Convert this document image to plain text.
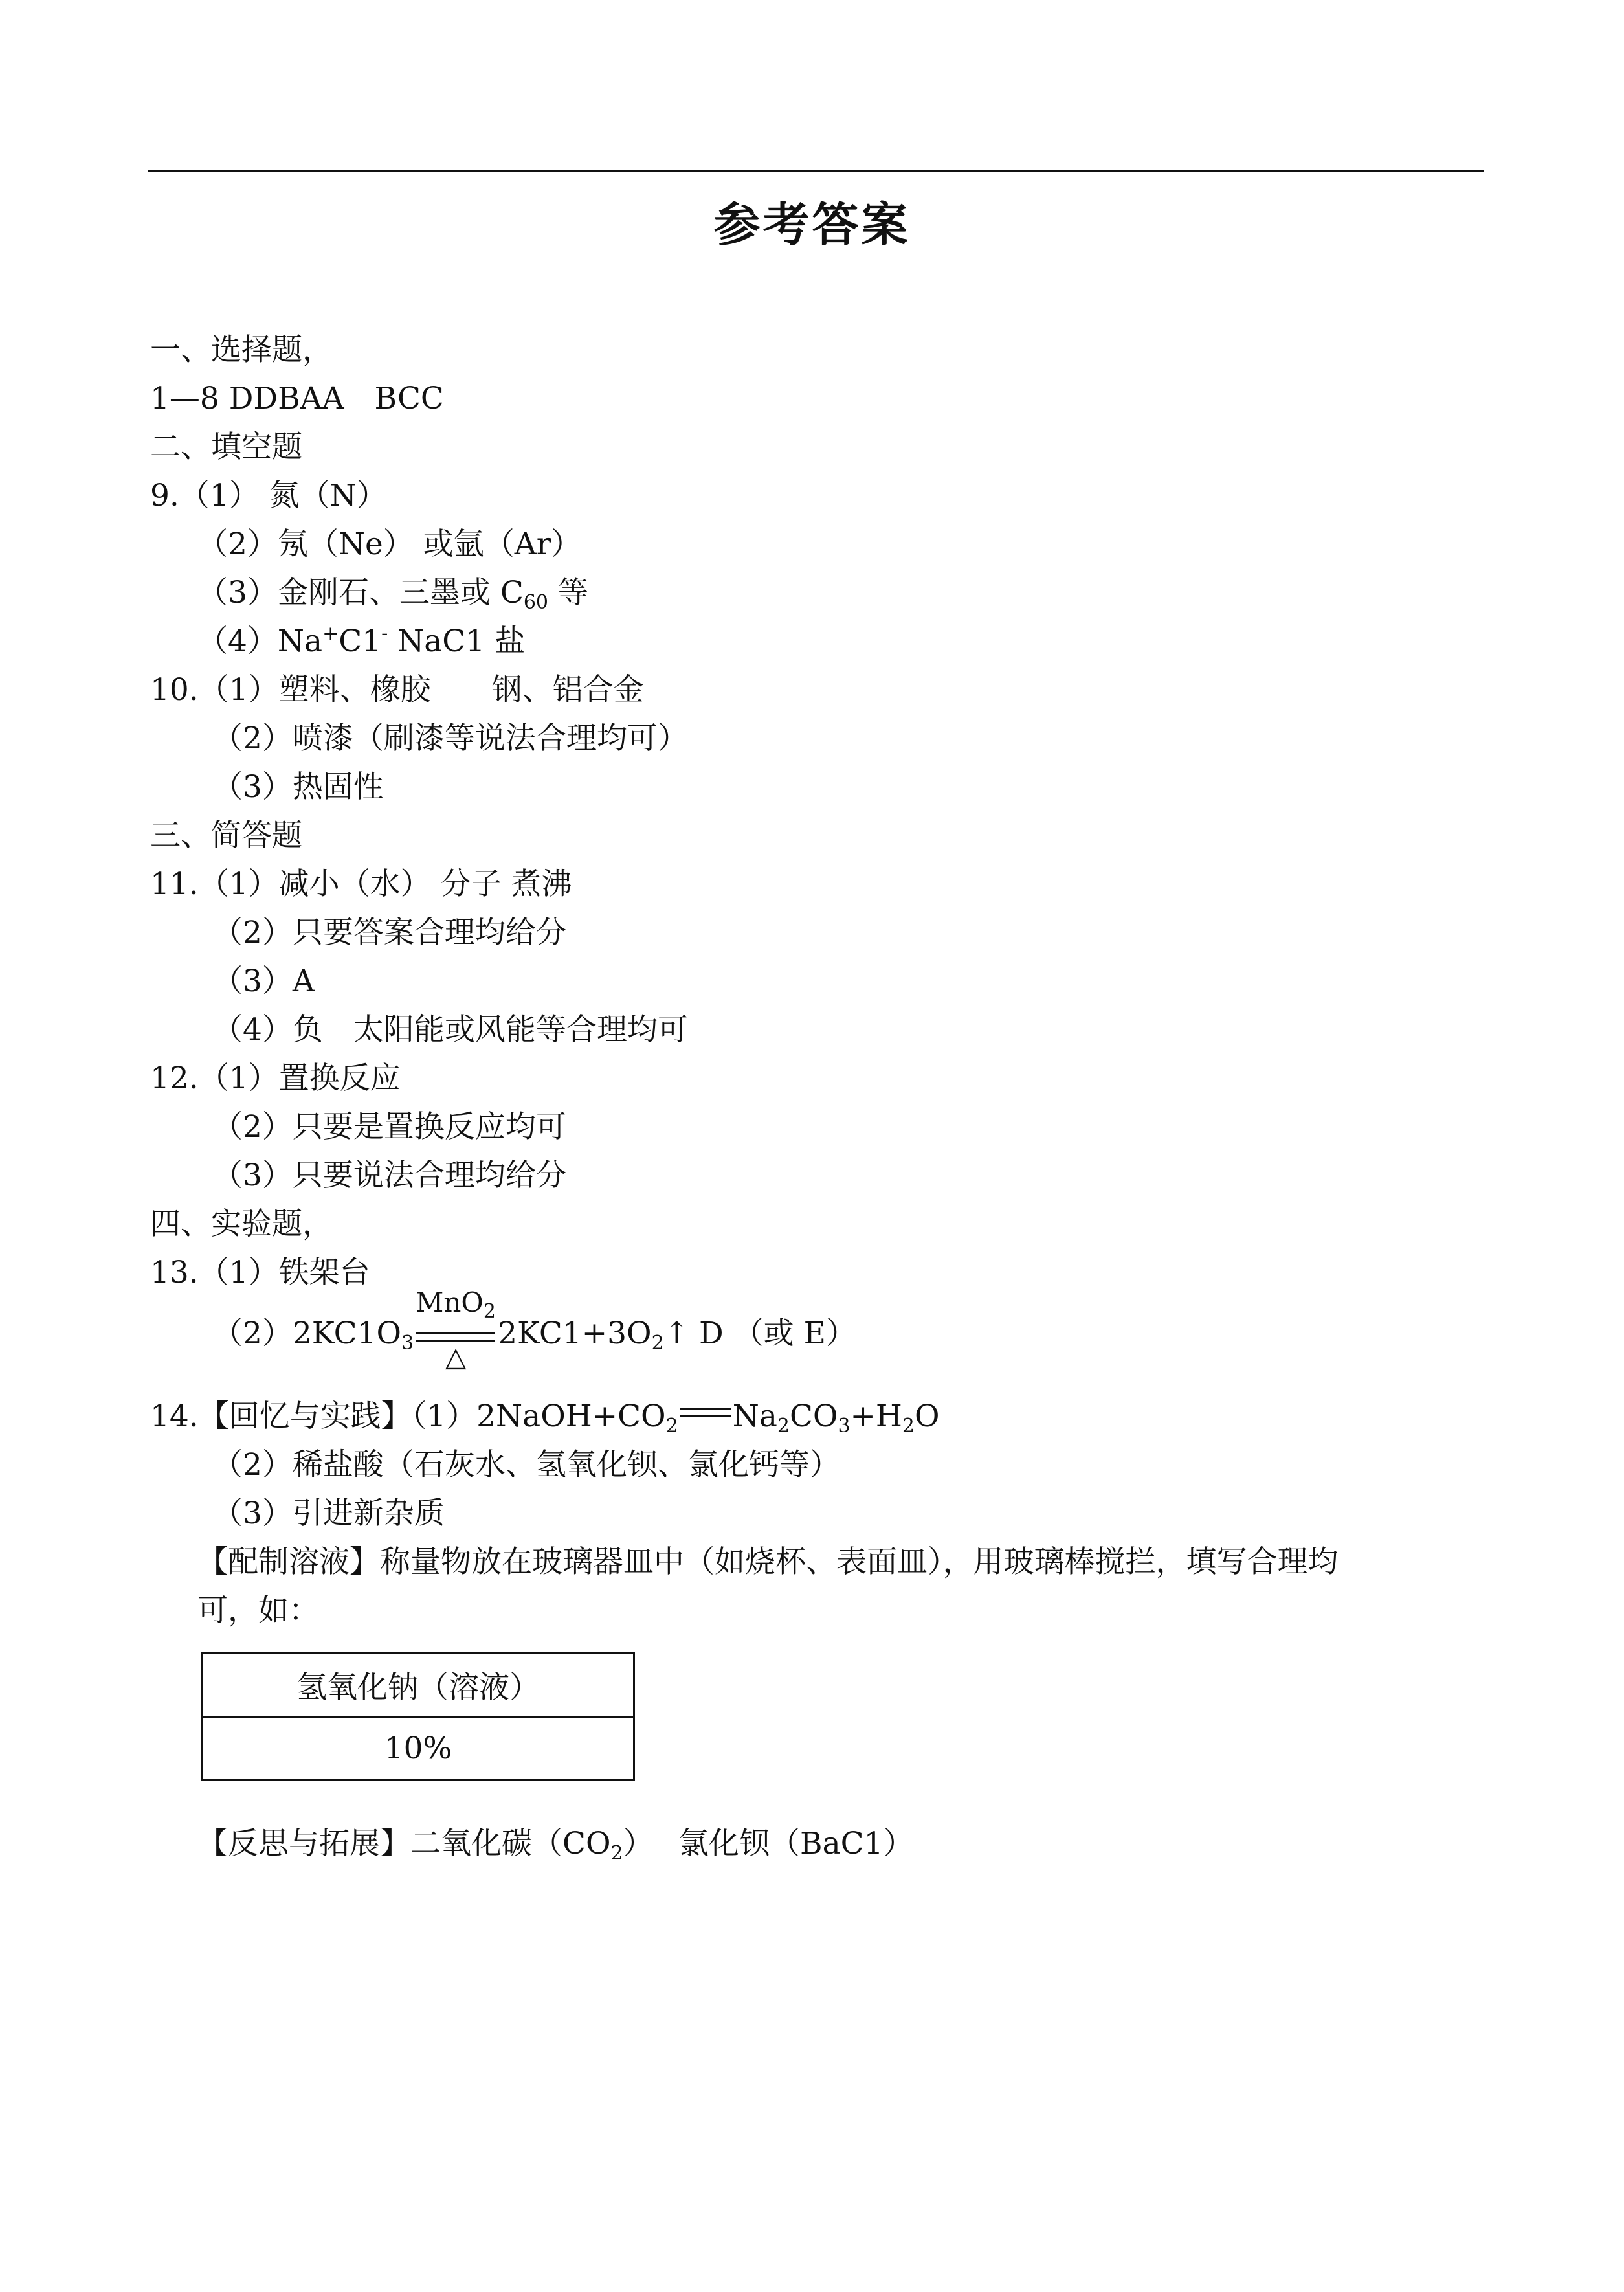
参考答案
一、选择题，
1—8 DDBAA　BCC
二、填空题
9.（1） 氮（N）
（2）氖（Ne） 或氩（Ar）
（3）金刚石、三墨或 $C_{60}$ 等
（4）Na+C1- NaC1 盐
10.（1）塑料、橡胶　　钢、铝合金
（2）喷漆（刷漆等说法合理均可）
（3）热固性
三、简答题
11.（1）减小（水） 分子 煮沸
（2）只要答案合理均给分
（3）A
（4）负　太阳能或风能等合理均可
12.（1）置换反应
（2）只要是置换反应均可
（3）只要说法合理均给分
四、实验题，
13.（1）铁架台
$(2)2KC1O_3$
MnO$_2$
△
$2KC1+3O_2↑$ D （或 E）
14.【回忆与实践】$(1)2NaOH+CO_2$ $Na_2CO_3+H_2O$
（2）稀盐酸（石灰水、氢氧化钡、氯化钙等）
（3）引进新杂质
【配制溶液】称量物放在玻璃器皿中（如烧杯、表面皿），用玻璃棒搅拦，填写合理均
可，如：
氢氧化钠（溶液）
10%
【反思与拓展】二氧化碳$(CO_2)$　 氯化钡（BaC1）
